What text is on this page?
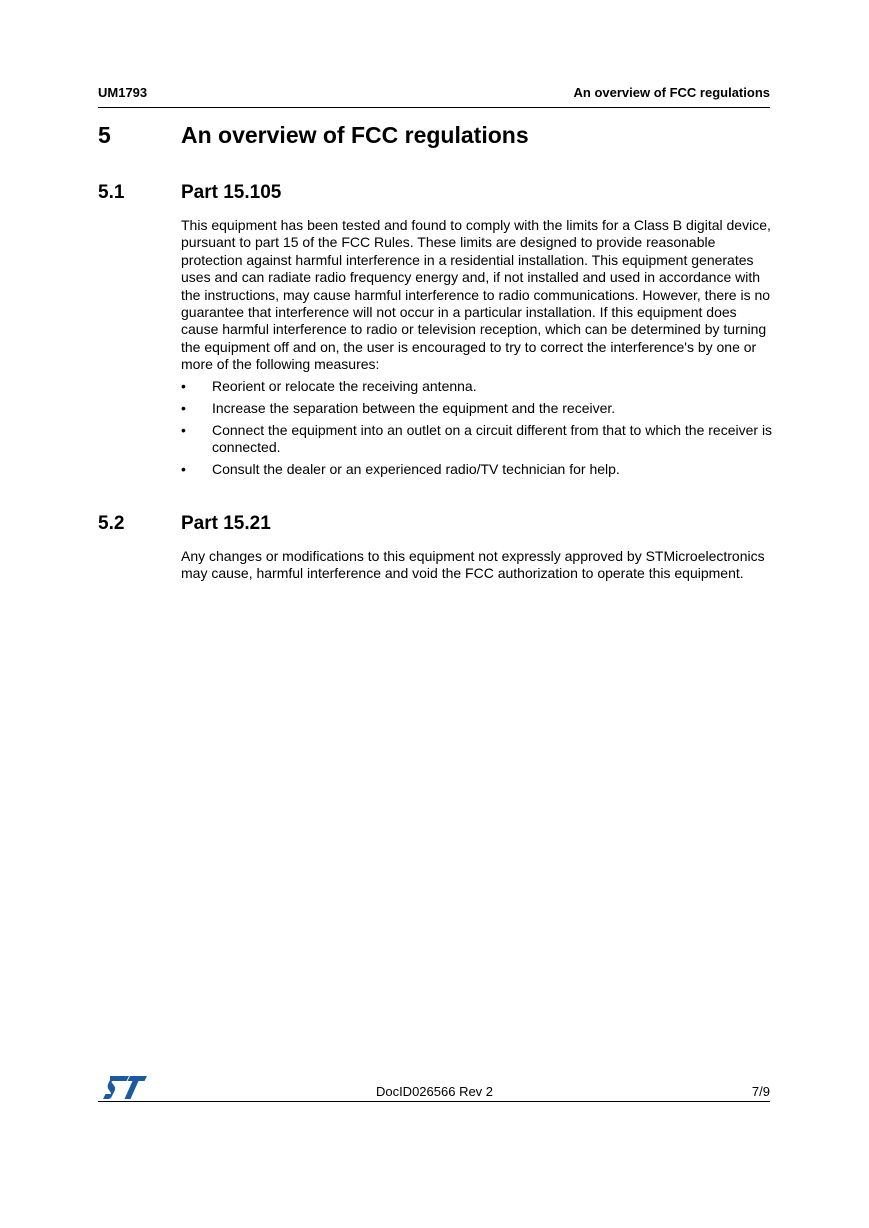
UM1793	An overview of FCC regulations
5	An overview of FCC regulations
5.1	Part 15.105
This equipment has been tested and found to comply with the limits for a Class B digital device, pursuant to part 15 of the FCC Rules. These limits are designed to provide reasonable protection against harmful interference in a residential installation. This equipment generates uses and can radiate radio frequency energy and, if not installed and used in accordance with the instructions, may cause harmful interference to radio communications. However, there is no guarantee that interference will not occur in a particular installation. If this equipment does cause harmful interference to radio or television reception, which can be determined by turning the equipment off and on, the user is encouraged to try to correct the interference's by one or more of the following measures:
• Reorient or relocate the receiving antenna.
• Increase the separation between the equipment and the receiver.
• Connect the equipment into an outlet on a circuit different from that to which the receiver is connected.
• Consult the dealer or an experienced radio/TV technician for help.
5.2	Part 15.21
Any changes or modifications to this equipment not expressly approved by STMicroelectronics may cause, harmful interference and void the FCC authorization to operate this equipment.
DocID026566 Rev 2	7/9
